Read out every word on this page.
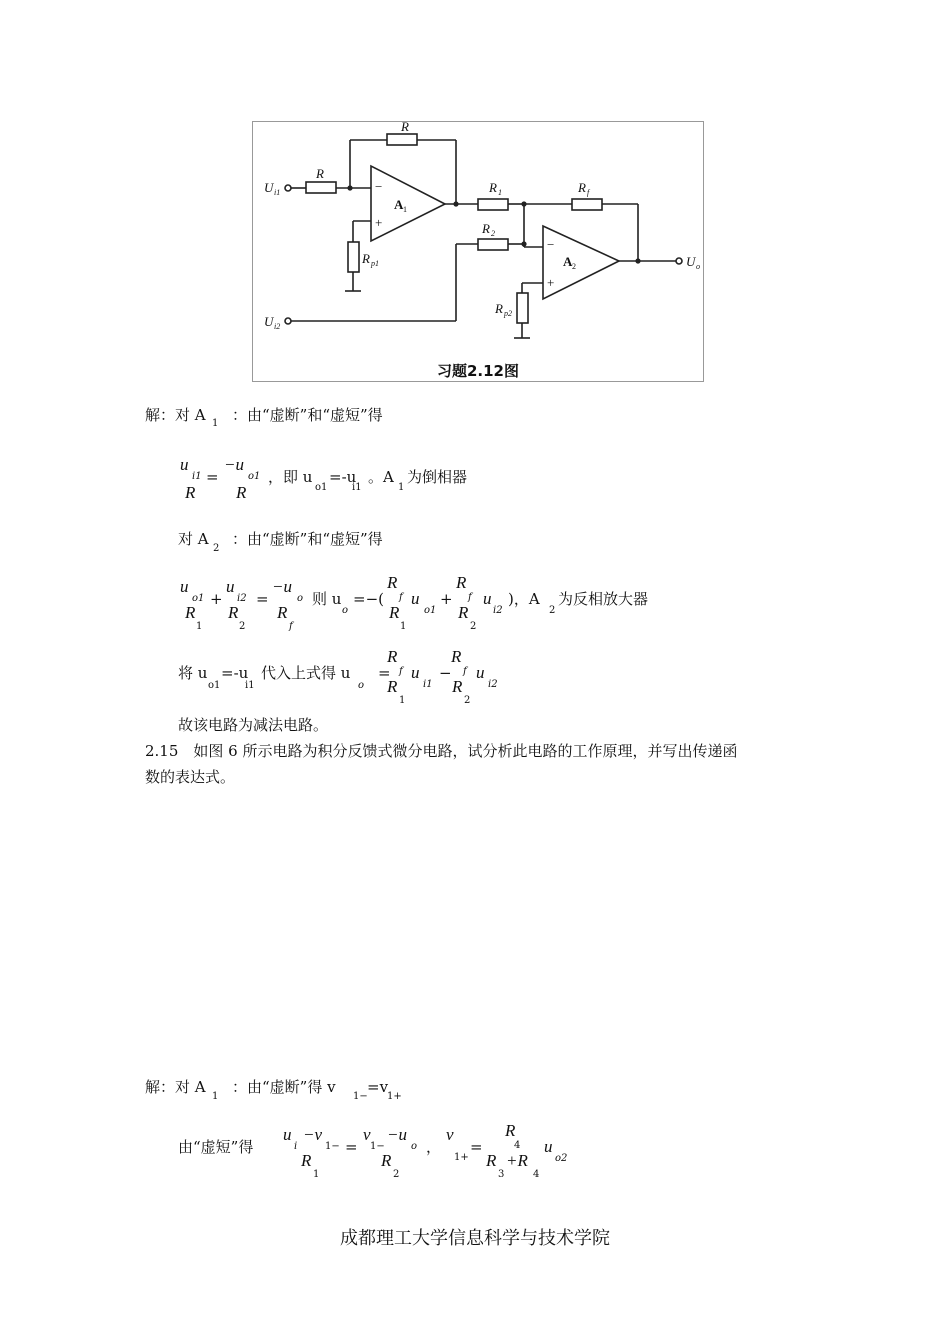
U i1
U i2
U o
R
R
R 1	R f
R 2
R p1
R p2
A 1
A 2
−
+
−
+
习题2.12图
解：对 A 1 ：由“虚断”和“虚短”得
u
i1 =
−u
o1
R R
，即 u
o1
=-u
i1
。A
1
为倒相器
对 A
2
：由“虚断”和“虚短”得
u
o1 +
u
i2 =
−u
o
R
1
R
2
R
f
则 u
o
=−(
R
f u
o1
+
R
f u
i2
)，A
2
为反相放大器
R
1
R
2
将 u
o1
=-u
i1
代入上式得 u
o
=
R
f u
i1
−
R
f u
i2
R
1
R
2
故该电路为减法电路。
2.15　如图 6 所示电路为积分反馈式微分电路，试分析此电路的工作原理，并写出传递函
数的表达式。
解：对 A
1
：由“虚断”得 v
1−
=v
1+
由“虚短”得
u
i
−v
1− =
v
1−
−u
o ，
v
1+
=
R
4 u
o2
R
1
R
2
R
3
+R
4
成都理工大学信息科学与技术学院
